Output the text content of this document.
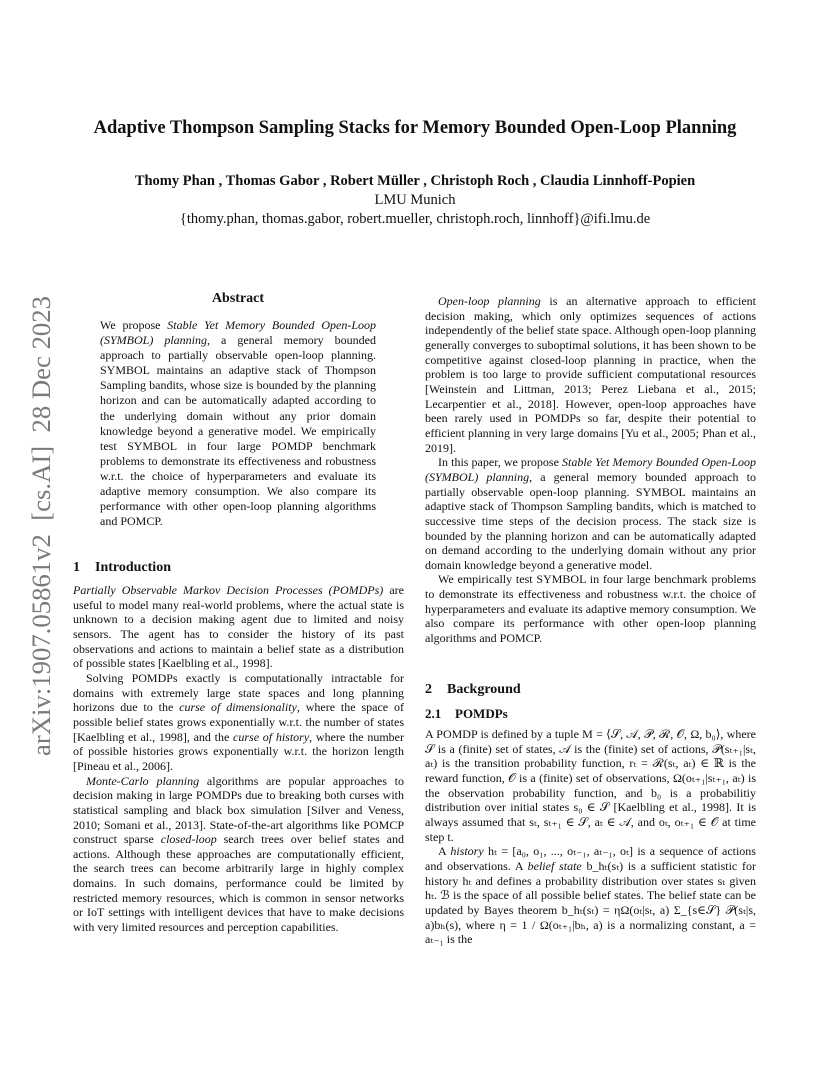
arXiv:1907.05861v2  [cs.AI]  28 Dec 2023
Adaptive Thompson Sampling Stacks for Memory Bounded Open-Loop Planning
Thomy Phan , Thomas Gabor , Robert Müller , Christoph Roch , Claudia Linnhoff-Popien
LMU Munich
{thomy.phan, thomas.gabor, robert.mueller, christoph.roch, linnhoff}@ifi.lmu.de
Abstract
We propose Stable Yet Memory Bounded Open-Loop (SYMBOL) planning, a general memory bounded approach to partially observable open-loop planning. SYMBOL maintains an adaptive stack of Thompson Sampling bandits, whose size is bounded by the planning horizon and can be automatically adapted according to the underlying domain without any prior domain knowledge beyond a generative model. We empirically test SYMBOL in four large POMDP benchmark problems to demonstrate its effectiveness and robustness w.r.t. the choice of hyperparameters and evaluate its adaptive memory consumption. We also compare its performance with other open-loop planning algorithms and POMCP.
1 Introduction

Partially Observable Markov Decision Processes (POMDPs) are useful to model many real-world problems, where the actual state is unknown to a decision making agent due to limited and noisy sensors. The agent has to consider the history of its past observations and actions to maintain a belief state as a distribution of possible states [Kaelbling et al., 1998].

Solving POMDPs exactly is computationally intractable for domains with extremely large state spaces and long planning horizons due to the curse of dimensionality, where the space of possible belief states grows exponentially w.r.t. the number of states [Kaelbling et al., 1998], and the curse of history, where the number of possible histories grows exponentially w.r.t. the horizon length [Pineau et al., 2006].

Monte-Carlo planning algorithms are popular approaches to decision making in large POMDPs due to breaking both curses with statistical sampling and black box simulation [Silver and Veness, 2010; Somani et al., 2013]. State-of-the-art algorithms like POMCP construct sparse closed-loop search trees over belief states and actions. Although these approaches are computationally efficient, the search trees can become arbitrarily large in highly complex domains. In such domains, performance could be limited by restricted memory resources, which is common in sensor networks or IoT settings with intelligent devices that have to make decisions with very limited resources and perception capabilities.

Open-loop planning is an alternative approach to efficient decision making, which only optimizes sequences of actions independently of the belief state space. Although open-loop planning generally converges to suboptimal solutions, it has been shown to be competitive against closed-loop planning in practice, when the problem is too large to provide sufficient computational resources [Weinstein and Littman, 2013; Perez Liebana et al., 2015; Lecarpentier et al., 2018]. However, open-loop approaches have been rarely used in POMDPs so far, despite their potential to efficient planning in very large domains [Yu et al., 2005; Phan et al., 2019].

In this paper, we propose Stable Yet Memory Bounded Open-Loop (SYMBOL) planning, a general memory bounded approach to partially observable open-loop planning. SYMBOL maintains an adaptive stack of Thompson Sampling bandits, which is matched to successive time steps of the decision process. The stack size is bounded by the planning horizon and can be automatically adapted on demand according to the underlying domain without any prior domain knowledge beyond a generative model.

We empirically test SYMBOL in four large benchmark problems to demonstrate its effectiveness and robustness w.r.t. the choice of hyperparameters and evaluate its adaptive memory consumption. We also compare its performance with other open-loop planning algorithms and POMCP.

2 Background
2.1 POMDPs

A POMDP is defined by a tuple M = ⟨𝒮, 𝒜, 𝒫, ℛ, 𝒪, Ω, b₀⟩, where 𝒮 is a (finite) set of states, 𝒜 is the (finite) set of actions, 𝒫(sₜ₊₁|sₜ, aₜ) is the transition probability function, rₜ = ℛ(sₜ, aₜ) ∈ ℝ is the reward function, 𝒪 is a (finite) set of observations, Ω(oₜ₊₁|sₜ₊₁, aₜ) is the observation probability function, and b₀ is a probabilitiy distribution over initial states s₀ ∈ 𝒮 [Kaelbling et al., 1998]. It is always assumed that sₜ, sₜ₊₁ ∈ 𝒮, aₜ ∈ 𝒜, and oₜ, oₜ₊₁ ∈ 𝒪 at time step t.

A history hₜ = [a₀, o₁, ..., oₜ₋₁, aₜ₋₁, oₜ] is a sequence of actions and observations. A belief state b_hₜ(sₜ) is a sufficient statistic for history hₜ and defines a probability distribution over states sₜ given hₜ. ℬ is the space of all possible belief states. The belief state can be updated by Bayes theorem b_hₜ(sₜ) = ηΩ(oₜ|sₜ, a) Σ_{s∈𝒮} 𝒫(sₜ|s, a)bₕ(s), where η = 1 / Ω(oₜ₊₁|bₕ, a) is a normalizing constant, a = aₜ₋₁ is the
